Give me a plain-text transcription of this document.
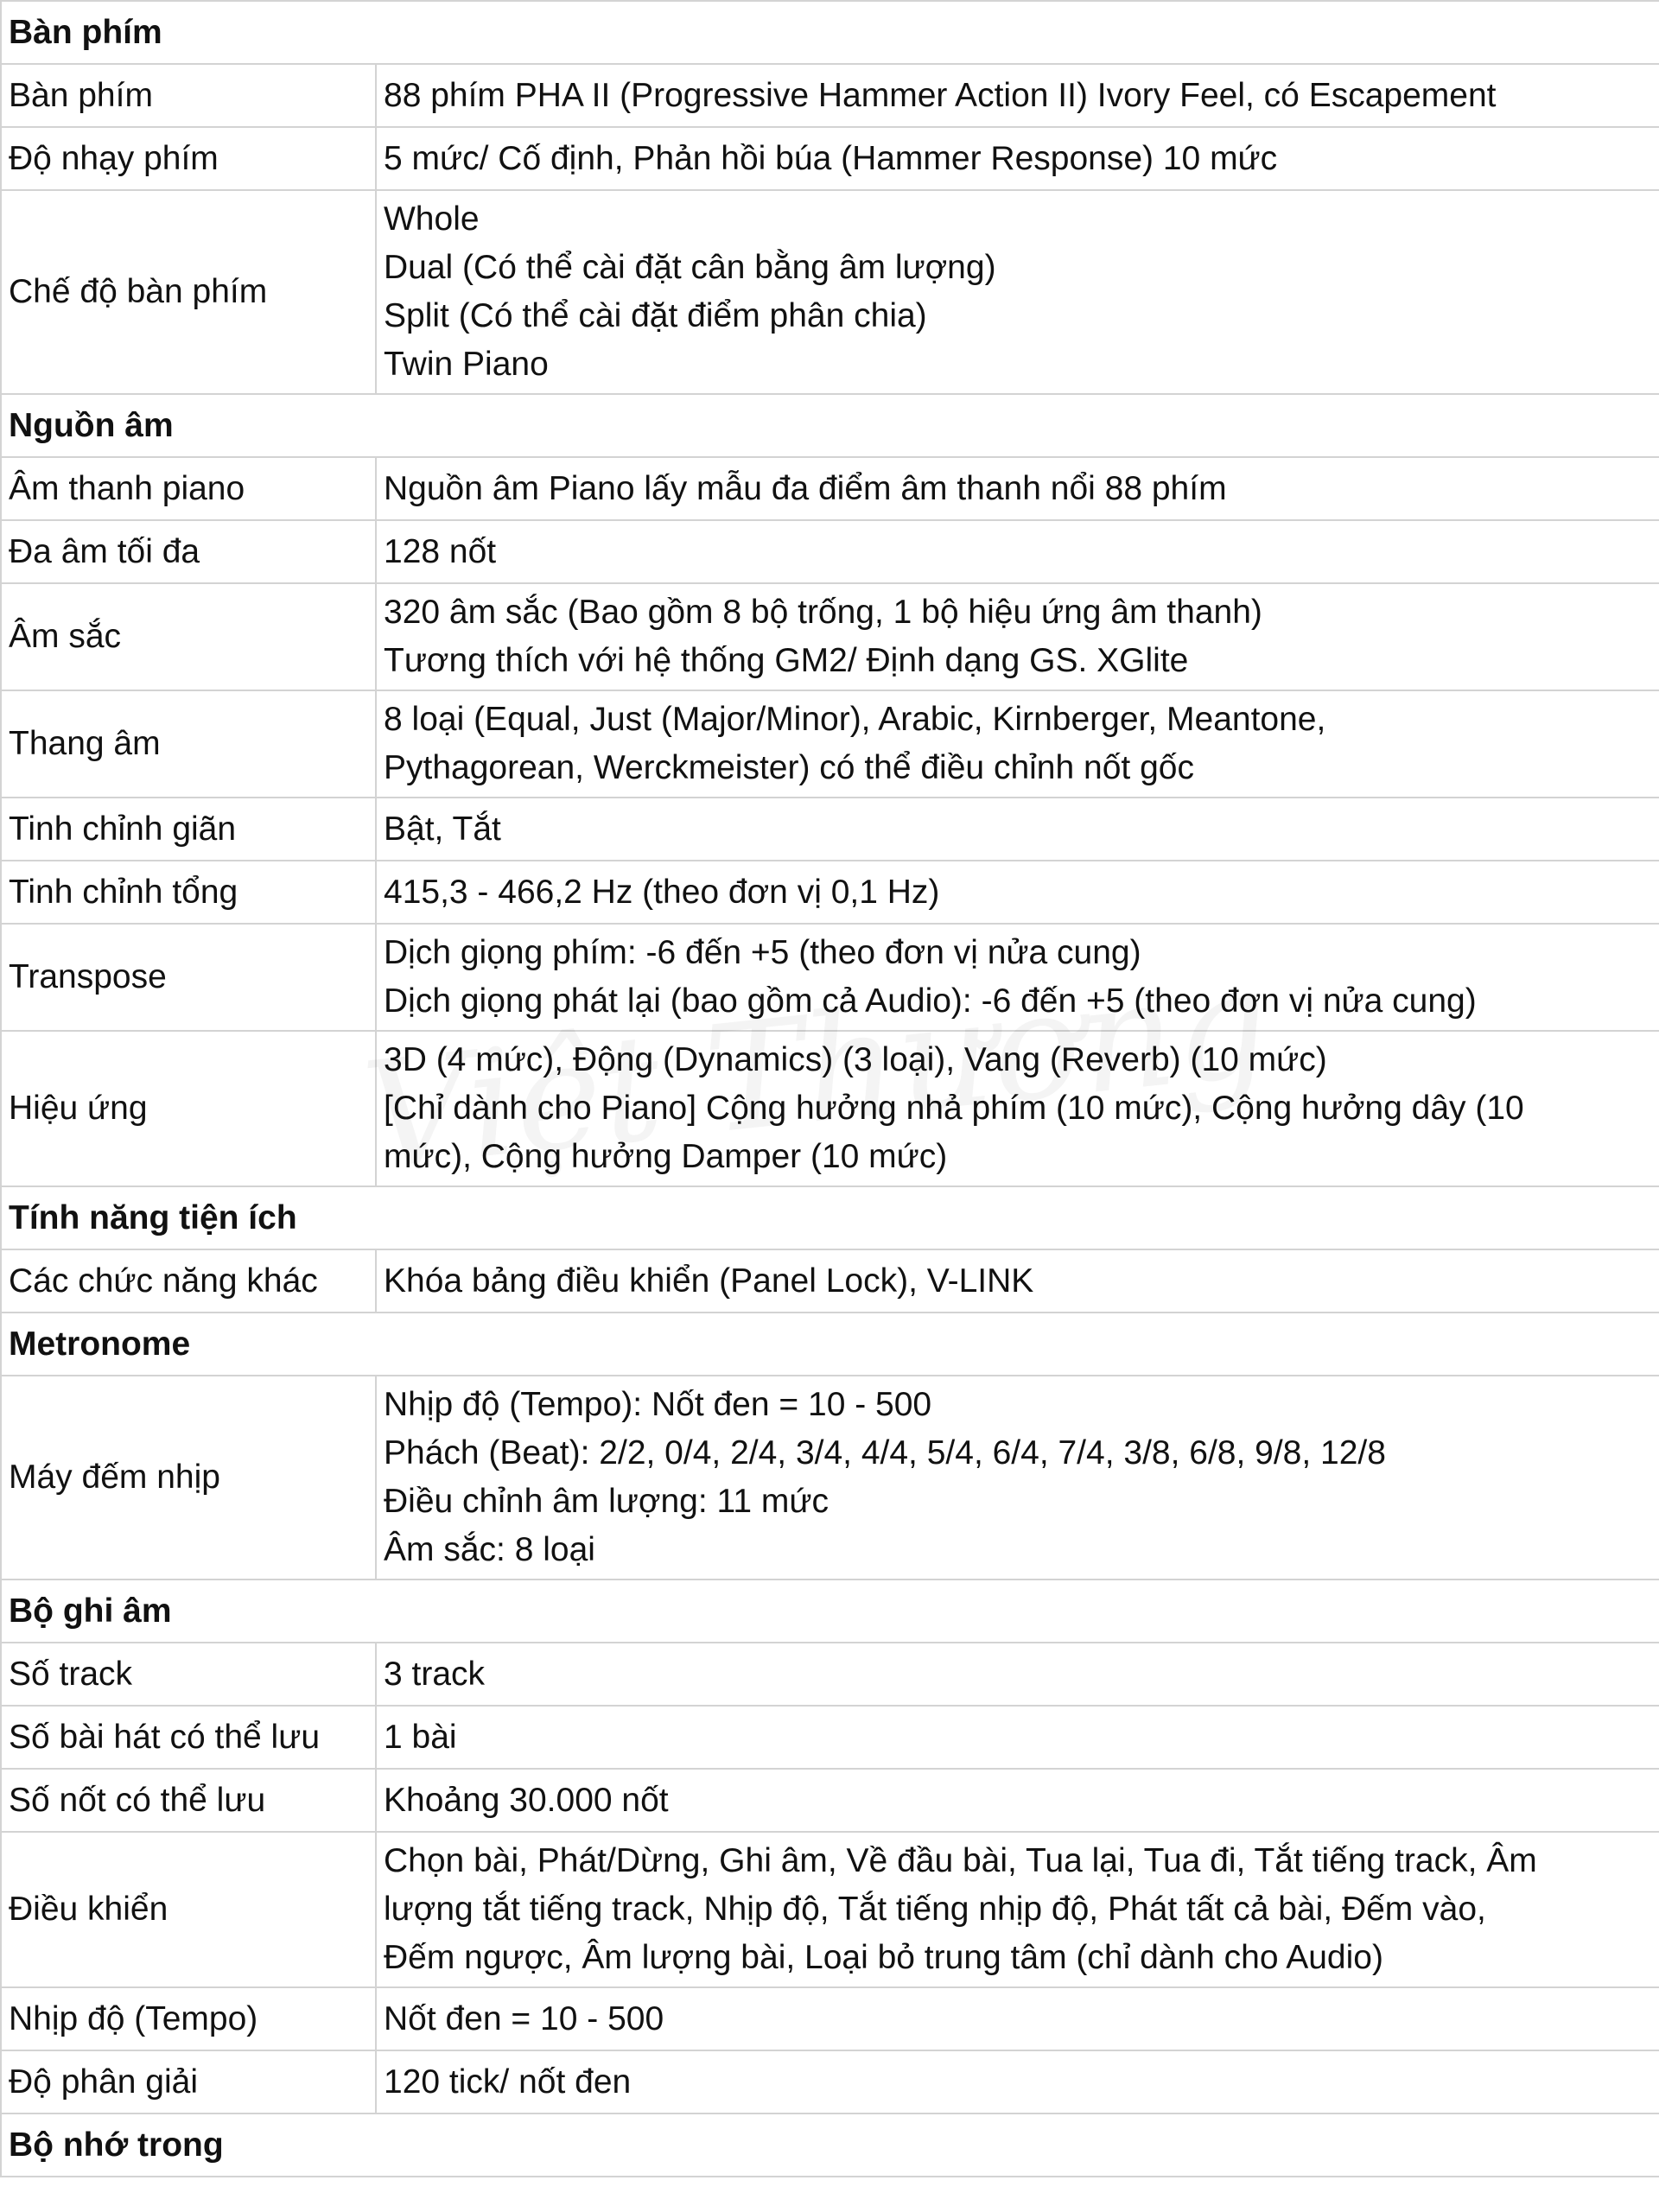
Bàn phím	
Bàn phím	88 phím PHA II (Progressive Hammer Action II) Ivory Feel, có Escapement

Độ nhạy phím	5 mức/ Cố định, Phản hồi búa (Hammer Response) 10 mức

Chế độ bàn phím	Whole
Dual (Có thể cài đặt cân bằng âm lượng)
Split (Có thể cài đặt điểm phân chia)
Twin Piano

Nguồn âm	
Âm thanh piano	Nguồn âm Piano lấy mẫu đa điểm âm thanh nổi 88 phím

Đa âm tối đa	128 nốt

Âm sắc	320 âm sắc (Bao gồm 8 bộ trống, 1 bộ hiệu ứng âm thanh)
Tương thích với hệ thống GM2/ Định dạng GS. XGlite

Thang âm	8 loại (Equal, Just (Major/Minor), Arabic, Kirnberger, Meantone,
Pythagorean, Werckmeister) có thể điều chỉnh nốt gốc

Tinh chỉnh giãn	Bật, Tắt

Tinh chỉnh tổng	415,3 - 466,2 Hz (theo đơn vị 0,1 Hz)

Transpose	Dịch giọng phím: -6 đến +5 (theo đơn vị nửa cung)
Dịch giọng phát lại (bao gồm cả Audio): -6 đến +5 (theo đơn vị nửa cung)

Hiệu ứng	3D (4 mức), Động (Dynamics) (3 loại), Vang (Reverb) (10 mức)
[Chỉ dành cho Piano] Cộng hưởng nhả phím (10 mức), Cộng hưởng dây (10
mức), Cộng hưởng Damper (10 mức)

Tính năng tiện ích	
Các chức năng khác	Khóa bảng điều khiển (Panel Lock), V-LINK

Metronome	
Máy đếm nhịp	Nhịp độ (Tempo): Nốt đen = 10 - 500
Phách (Beat): 2/2, 0/4, 2/4, 3/4, 4/4, 5/4, 6/4, 7/4, 3/8, 6/8, 9/8, 12/8
Điều chỉnh âm lượng: 11 mức
Âm sắc: 8 loại

Bộ ghi âm	
Số track	3 track

Số bài hát có thể lưu	1 bài

Số nốt có thể lưu	Khoảng 30.000 nốt

Điều khiển	Chọn bài, Phát/Dừng, Ghi âm, Về đầu bài, Tua lại, Tua đi, Tắt tiếng track, Âm
lượng tắt tiếng track, Nhịp độ, Tắt tiếng nhịp độ, Phát tất cả bài, Đếm vào,
Đếm ngược, Âm lượng bài, Loại bỏ trung tâm (chỉ dành cho Audio)

Nhịp độ (Tempo)	Nốt đen = 10 - 500

Độ phân giải	120 tick/ nốt đen

Bộ nhớ trong	
